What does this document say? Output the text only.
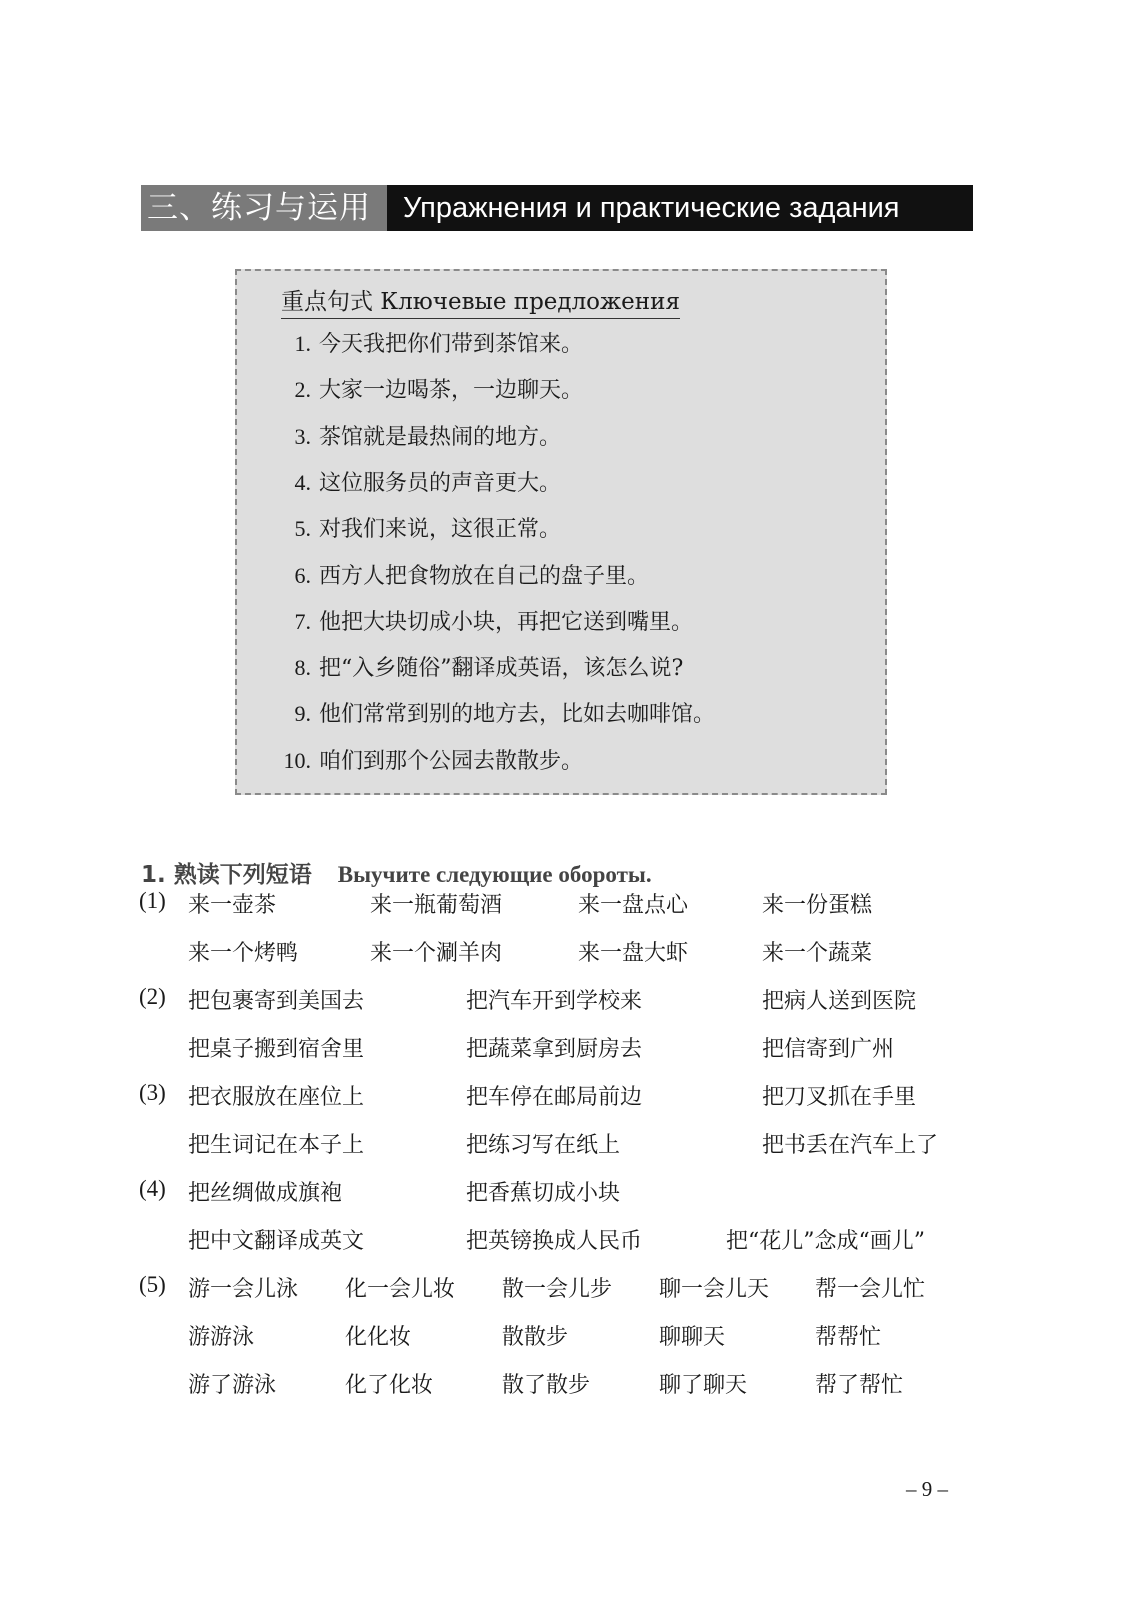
三、练习与运用	Упражнения и практические задания
重点句式 Ключевые предложения
1. 今天我把你们带到茶馆来。
2. 大家一边喝茶，一边聊天。
3. 茶馆就是最热闹的地方。
4. 这位服务员的声音更大。
5. 对我们来说，这很正常。
6. 西方人把食物放在自己的盘子里。
7. 他把大块切成小块，再把它送到嘴里。
8. 把“入乡随俗”翻译成英语，该怎么说?
9. 他们常常到别的地方去，比如去咖啡馆。
10. 咱们到那个公园去散散步。
1. 熟读下列短语 Выучите следующие обороты.
(1) 来一壶茶	来一瓶葡萄酒	来一盘点心	来一份蛋糕
来一个烤鸭	来一个涮羊肉	来一盘大虾	来一个蔬菜
(2) 把包裹寄到美国去	把汽车开到学校来	把病人送到医院
把桌子搬到宿舍里	把蔬菜拿到厨房去	把信寄到广州
(3) 把衣服放在座位上	把车停在邮局前边	把刀叉抓在手里
把生词记在本子上	把练习写在纸上	把书丢在汽车上了
(4) 把丝绸做成旗袍	把香蕉切成小块
把中文翻译成英文	把英镑换成人民币	把“花儿”念成“画儿”
(5) 游一会儿泳 化一会儿妆 散一会儿步 聊一会儿天 帮一会儿忙
游游泳	化化妆	散散步	聊聊天	帮帮忙
游了游泳	化了化妆	散了散步	聊了聊天	帮了帮忙
– 9 –
